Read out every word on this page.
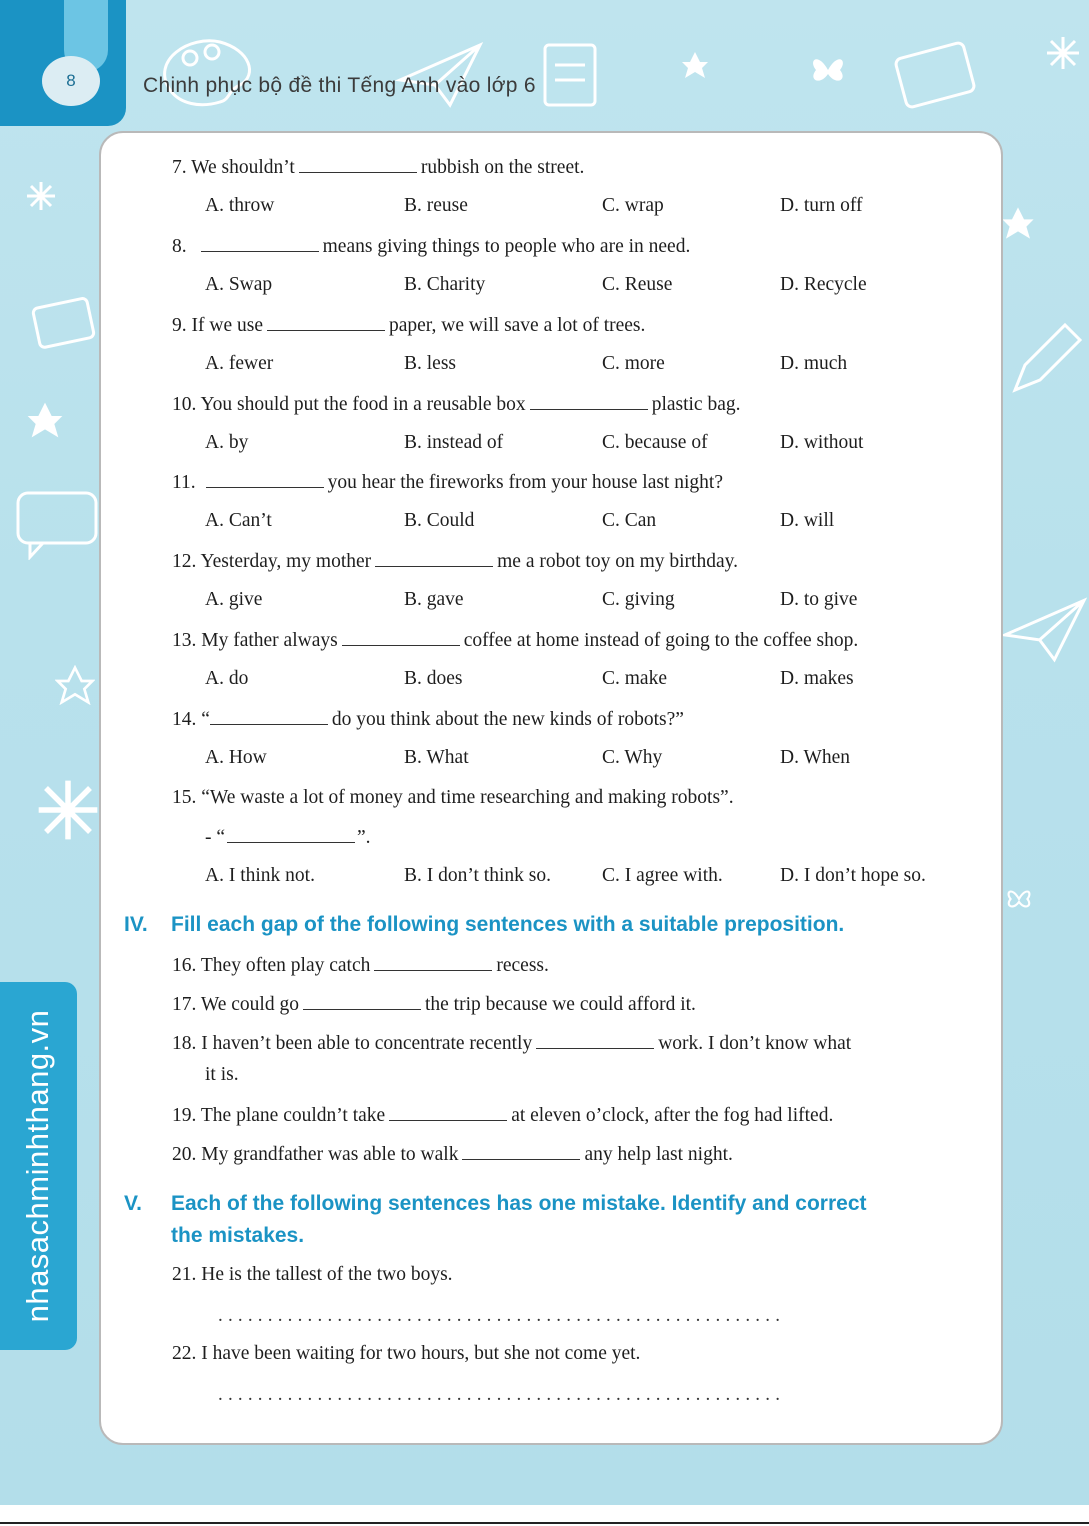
8	Chinh phục bộ đề thi Tếng Anh vào lớp 6
nhasachminhthang.vn
7. We shouldn’t	rubbish on the street.
A. throw	B. reuse	C. wrap	D. turn off
8.	means giving things to people who are in need.
A. Swap	B. Charity	C. Reuse	D. Recycle
9. If we use	paper, we will save a lot of trees.
A. fewer	B. less	C. more	D. much
10. You should put the food in a reusable box	plastic bag.
A. by	B. instead of	C. because of	D. without
11.	you hear the fireworks from your house last night?
A. Can’t	B. Could	C. Can	D. will
12. Yesterday, my mother	me a robot toy on my birthday.
A. give	B. gave	C. giving	D. to give
13. My father always	coffee at home instead of going to the coffee shop.
A. do	B. does	C. make	D. makes
14. “	do you think about the new kinds of robots?”
A. How	B. What	C. Why	D. When
15. “We waste a lot of money and time researching and making robots”.
- “	”.
A. I think not.	B. I don’t think so.	C. I agree with.	D. I don’t hope so.
IV. Fill each gap of the following sentences with a suitable preposition.
16. They often play catch	recess.
17. We could go	the trip because we could afford it.
18. I haven’t been able to concentrate recently	work. I don’t know what
it is.
19. The plane couldn’t take	at eleven o’clock, after the fog had lifted.
20. My grandfather was able to walk	any help last night.
V. Each of the following sentences has one mistake. Identify and correct
the mistakes.
21. He is the tallest of the two boys.
.........................................................
22. I have been waiting for two hours, but she not come yet.
.........................................................
